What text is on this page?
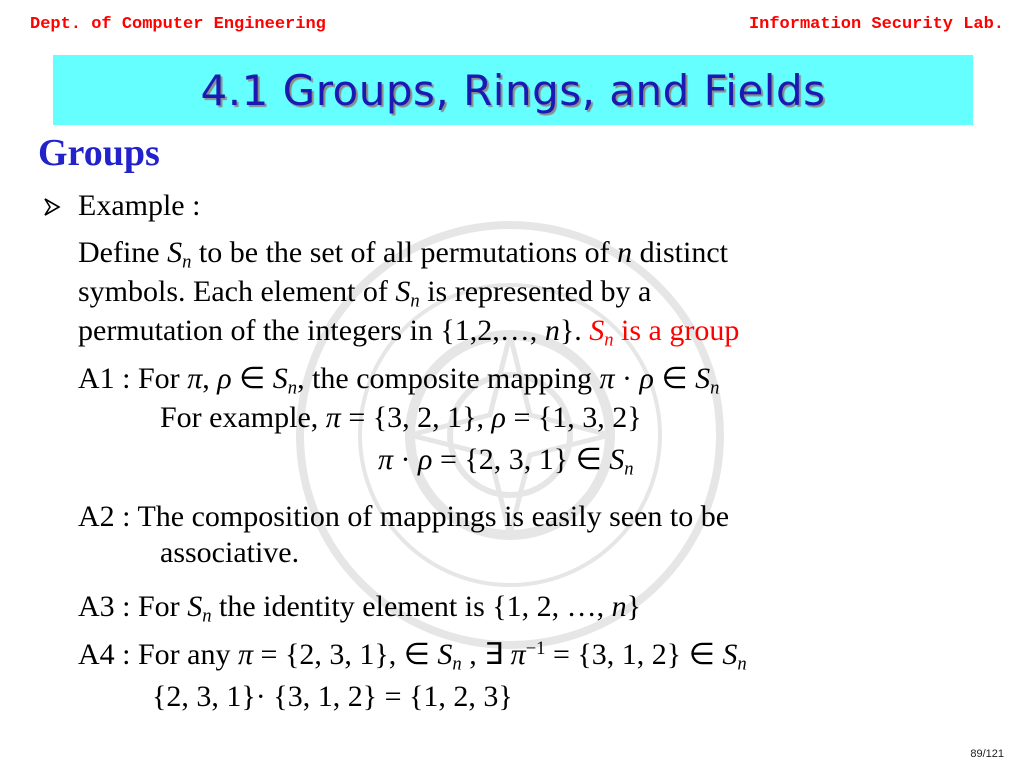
Dept. of Computer Engineering	Information Security Lab.
4.1 Groups, Rings, and Fields
Groups
Example :
Define $S_n$ to be the set of all permutations of n distinct
symbols. Each element of $S_n$ is represented by a
permutation of the integers in {1,2,…, n}. $S_n$ is a group
A1 : For π, ρ ∈ $S_n$, the composite mapping π · ρ ∈ $S_n$
For example, π = {3, 2, 1}, ρ = {1, 3, 2}
π · ρ = {2, 3, 1} ∈ $S_n$
A2 : The composition of mappings is easily seen to be
associative.
A3 : For $S_n$ the identity element is {1, 2, …, n}
A4 : For any π = {2, 3, 1}, ∈ $S_n$ , ∃ $\pi^{-1} = \{3$, 1, 2} ∈ $S_n$
{2, 3, 1}· {3, 1, 2} = {1, 2, 3}
89/121
